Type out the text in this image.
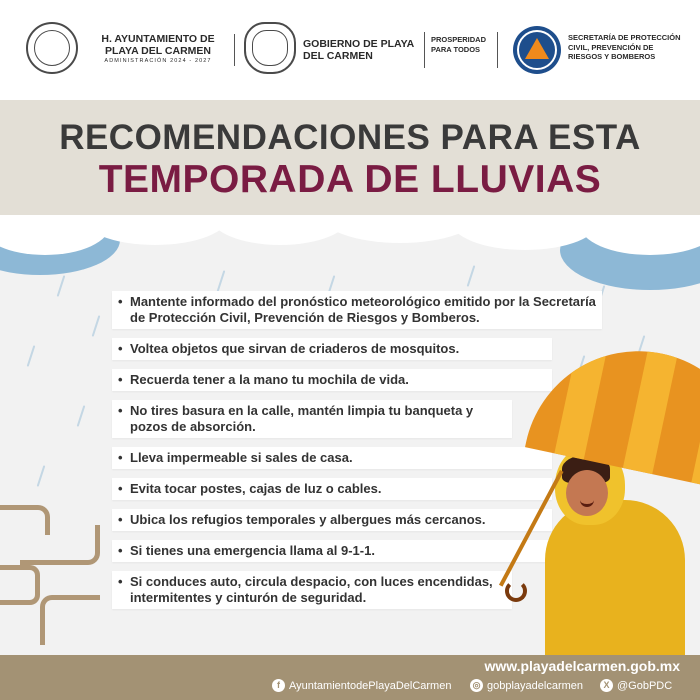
H. AYUNTAMIENTO DE PLAYA DEL CARMEN
ADMINISTRACIÓN 2024 - 2027
GOBIERNO DE PLAYA DEL CARMEN
PROSPERIDAD PARA TODOS
SECRETARÍA DE PROTECCIÓN CIVIL, PREVENCIÓN DE RIESGOS Y BOMBEROS
RECOMENDACIONES PARA ESTA
TEMPORADA DE LLUVIAS
• Mantente informado del pronóstico meteorológico emitido por la Secretaría de Protección Civil, Prevención de Riesgos y Bomberos.
• Voltea objetos que sirvan de criaderos de mosquitos.
• Recuerda tener a la mano tu mochila de vida.
• No tires basura en la calle, mantén limpia tu banqueta y pozos de absorción.
• Lleva impermeable si sales de casa.
• Evita tocar postes, cajas de luz o cables.
• Ubica los refugios temporales y albergues más cercanos.
• Si tienes una emergencia llama al 9-1-1.
• Si conduces auto, circula despacio, con luces encendidas, intermitentes y cinturón de seguridad.
www.playadelcarmen.gob.mx
f AyuntamientodePlayaDelCarmen ◎ gobplayadelcarmen	X @GobPDC
